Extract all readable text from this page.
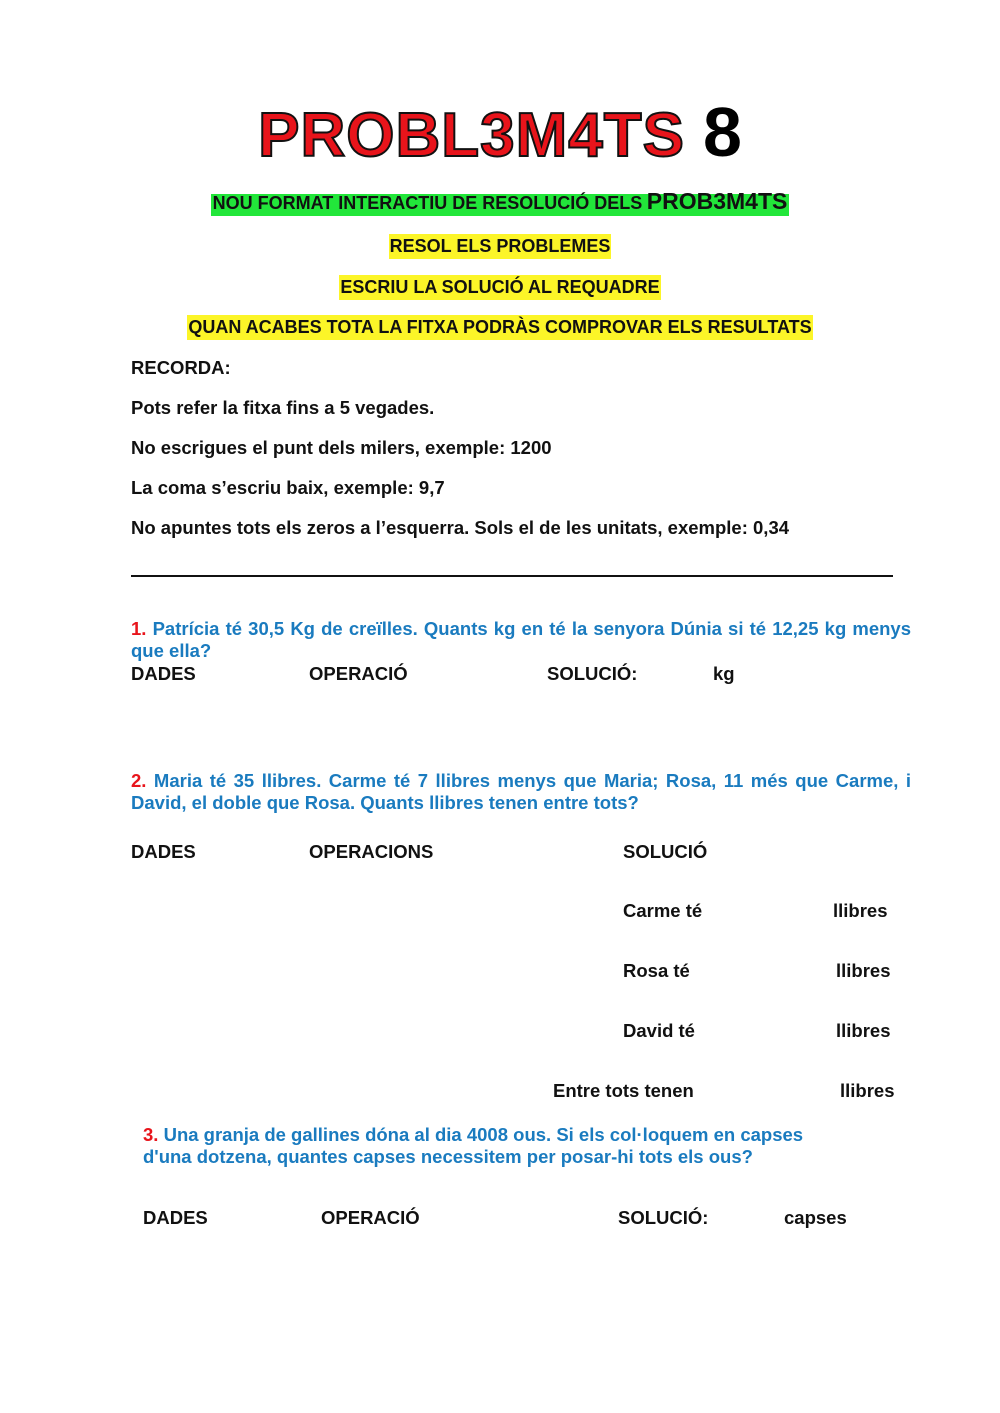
PROBL3M4TS 8
NOU FORMAT INTERACTIU DE RESOLUCIÓ DELS PROB3M4TS
RESOL ELS PROBLEMES
ESCRIU LA SOLUCIÓ AL REQUADRE
QUAN ACABES TOTA LA FITXA PODRÀS COMPROVAR ELS RESULTATS
RECORDA:
Pots refer la fitxa fins a 5 vegades.
No escrigues el punt dels milers, exemple: 1200
La coma s’escriu baix, exemple: 9,7
No apuntes tots els zeros a l’esquerra. Sols el de les unitats, exemple: 0,34
1. Patrícia té 30,5 Kg de creïlles. Quants kg en té la senyora Dúnia si té 12,25 kg menys que ella?
DADES	OPERACIÓ	SOLUCIÓ:	kg
2. Maria té 35 llibres. Carme té 7 llibres menys que Maria; Rosa, 11 més que Carme, i David, el doble que Rosa. Quants llibres tenen entre tots?
DADES	OPERACIONS	SOLUCIÓ
Carme té	llibres
Rosa té	llibres
David té	llibres
Entre tots tenen	llibres
3. Una granja de gallines dóna al dia 4008 ous. Si els col·loquem en capses d'una dotzena, quantes capses necessitem per posar-hi tots els ous?
DADES	OPERACIÓ	SOLUCIÓ:	capses
